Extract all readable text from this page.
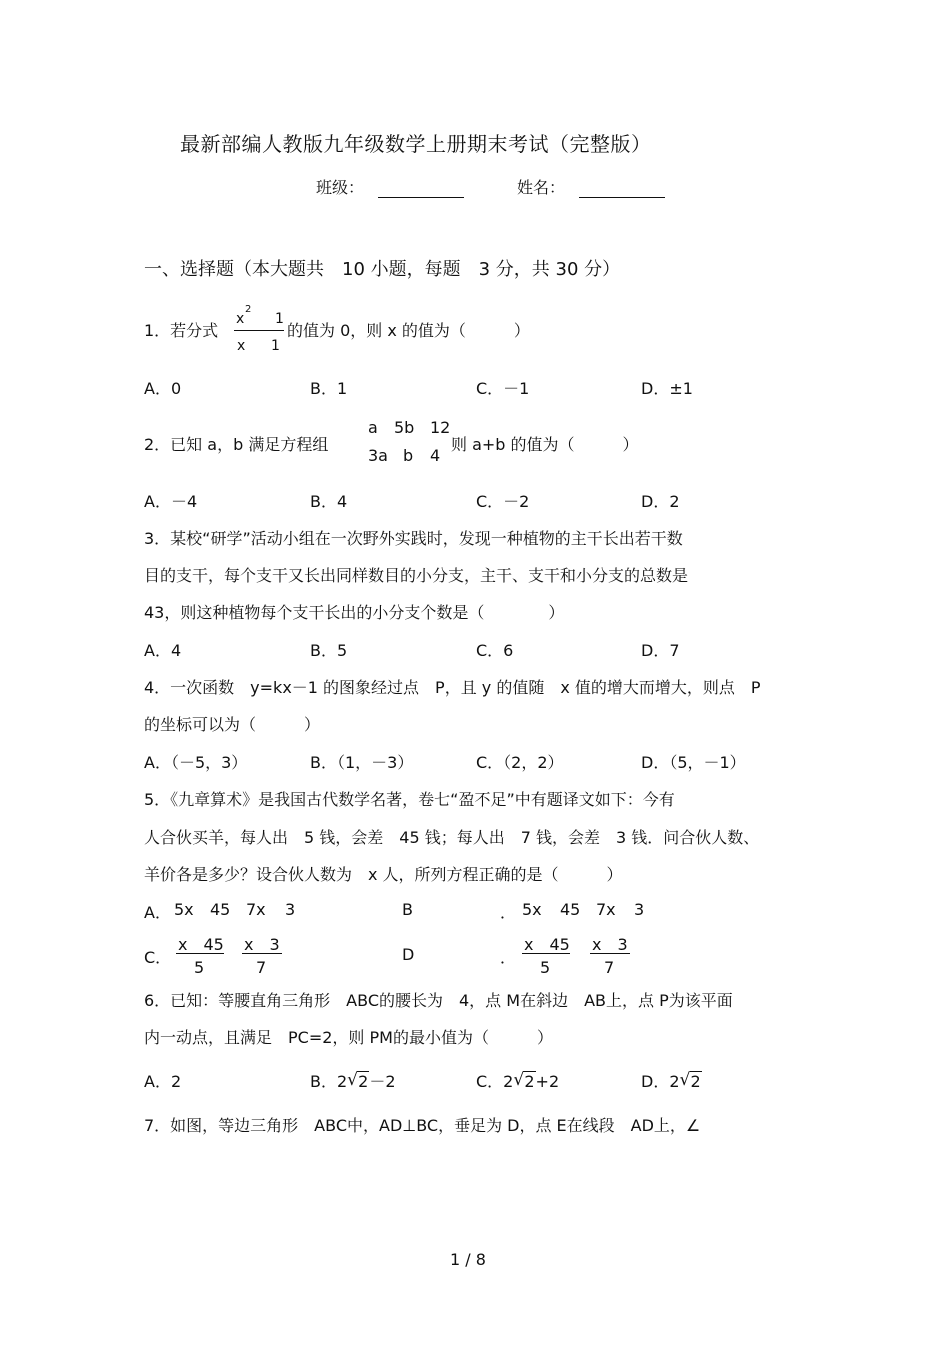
最新部编人教版九年级数学上册期末考试（完整版）
班级：	姓名：
一、选择题（本大题共　10 小题，每题　3 分，共 30 分）
1．若分式
x
2
1
x 1
的值为 0，则 x 的值为（　　　）
A．0	B．1	C．－1	D．±1
2．已知 a，b 满足方程组
a 5b 12
3a b 4
则 a+b 的值为（　　　）
A．－4	B．4	C．－2	D．2
3．某校“研学”活动小组在一次野外实践时，发现一种植物的主干长出若干数
目的支干，每个支干又长出同样数目的小分支，主干、支干和小分支的总数是
43，则这种植物每个支干长出的小分支个数是（　　　　）
A．4	B．5	C．6	D．7
4．一次函数　y=kx－1 的图象经过点　P，且 y 的值随　x 值的增大而增大，则点　P
的坐标可以为（　　　）
A．（－5，3）	B．（1，－3）	C．（2，2）	D．（5，－1）
5．《九章算术》是我国古代数学名著，卷七“盈不足”中有题译文如下：今有
人合伙买羊，每人出　5 钱，会差　45 钱；每人出　7 钱，会差　3 钱．问合伙人数、
羊价各是多少？设合伙人数为　x 人，所列方程正确的是（　　　）
A． 5x 45 7x 3	B	． 5x 45 7x 3
C．
x　45
5
x　3
7
D	．
x　45
5
x　3
7
6．已知：等腰直角三角形　ABC的腰长为　4，点 M在斜边　AB上，点 P为该平面
内一动点，且满足　PC=2，则 PM的最小值为（　　　）
A．2	B．2 √ 2－2	C．2 √ 2+2	D．2 √ 2
7．如图，等边三角形　ABC中，AD⊥BC，垂足为 D，点 E在线段　AD上，∠
1 / 8
